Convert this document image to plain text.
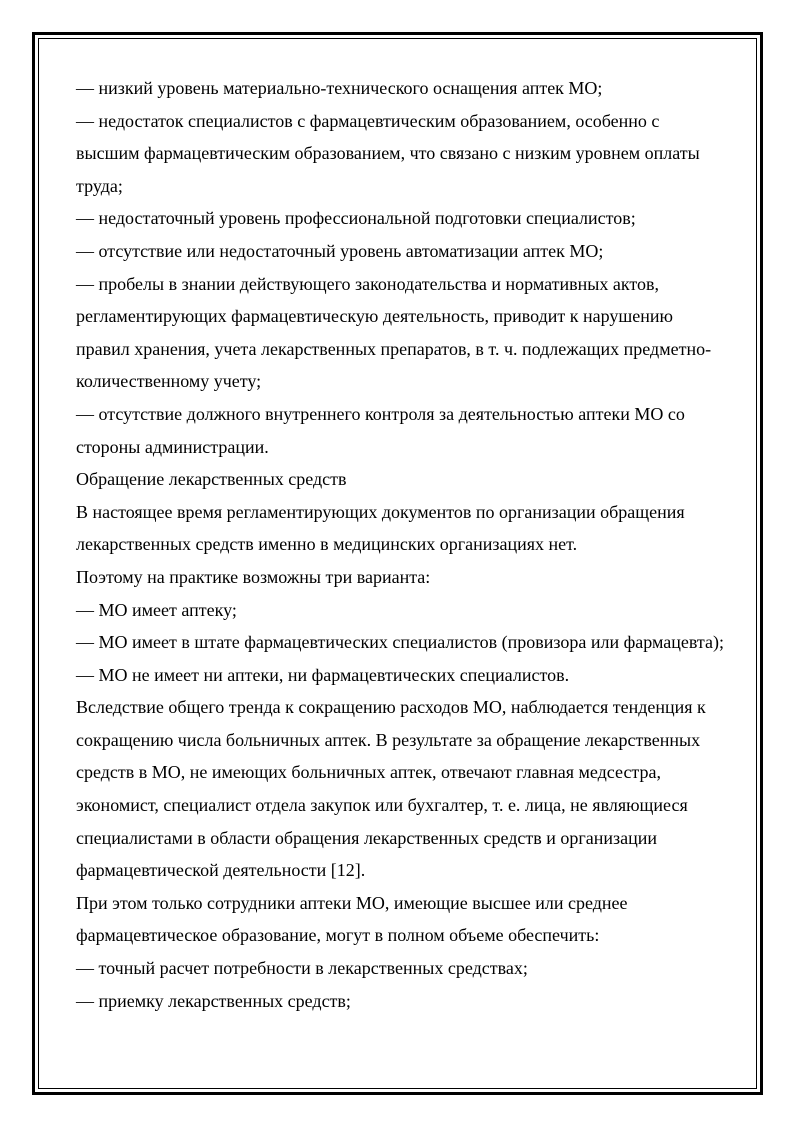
— низкий уровень материально-технического оснащения аптек МО;

— недостаток специалистов с фармацевтическим образованием, особенно с высшим фармацевтическим образованием, что связано с низким уровнем оплаты труда;

— недостаточный уровень профессиональной подготовки специалистов;

— отсутствие или недостаточный уровень автоматизации аптек МО;

— пробелы в знании действующего законодательства и нормативных актов, регламентирующих фармацевтическую деятельность, приводит к нарушению правил хранения, учета лекарственных препаратов, в т. ч. подлежащих предметно-количественному учету;

— отсутствие должного внутреннего контроля за деятельностью аптеки МО со стороны администрации.

Обращение лекарственных средств

В настоящее время регламентирующих документов по организации обращения лекарственных средств именно в медицинских организациях нет.

Поэтому на практике возможны три варианта:

— МО имеет аптеку;

— МО имеет в штате фармацевтических специалистов (провизора или фармацевта);

— МО не имеет ни аптеки, ни фармацевтических специалистов.

Вследствие общего тренда к сокращению расходов МО, наблюдается тенденция к сокращению числа больничных аптек. В результате за обращение лекарственных средств в МО, не имеющих больничных аптек, отвечают главная медсестра, экономист, специалист отдела закупок или бухгалтер, т. е. лица, не являющиеся специалистами в области обращения лекарственных средств и организации фармацевтической деятельности [12].

При этом только сотрудники аптеки МО, имеющие высшее или среднее фармацевтическое образование, могут в полном объеме обеспечить:

— точный расчет потребности в лекарственных средствах;

— приемку лекарственных средств;
